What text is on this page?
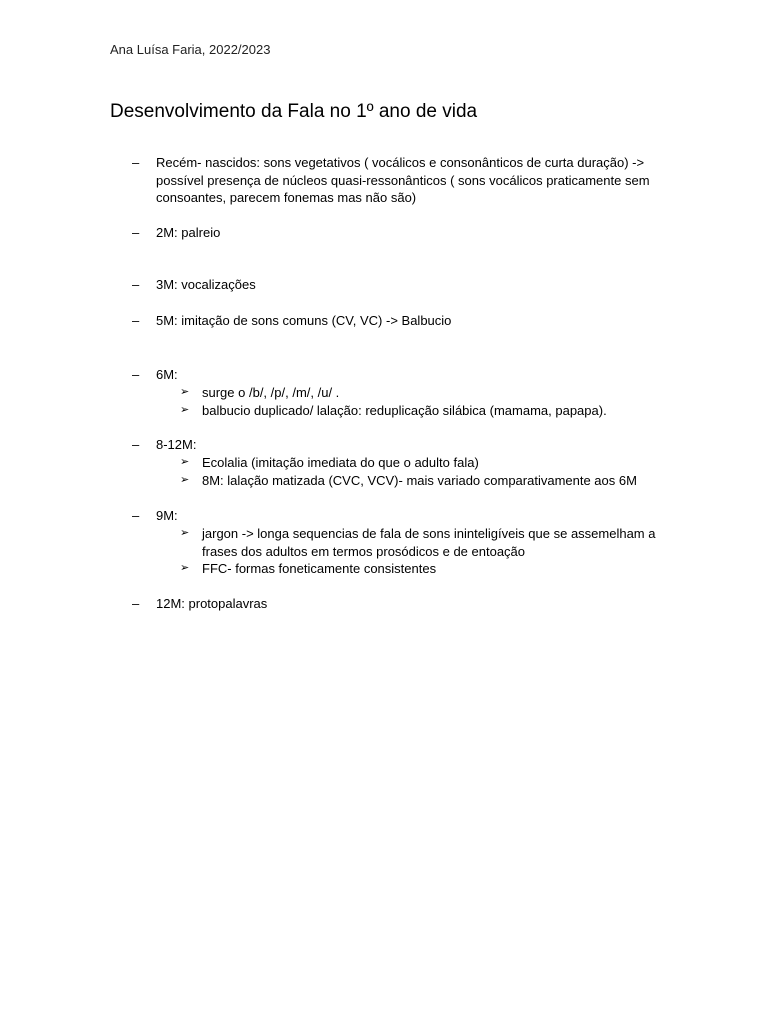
Ana Luísa Faria, 2022/2023
Desenvolvimento da Fala no 1º ano de vida
– Recém- nascidos: sons vegetativos ( vocálicos e consonânticos de curta duração) -> possível presença de núcleos quasi-ressonânticos ( sons vocálicos praticamente sem consoantes, parecem fonemas mas não são)
– 2M: palreio
– 3M: vocalizações
– 5M: imitação de sons comuns (CV, VC) -> Balbucio
– 6M:
➢ surge o /b/, /p/, /m/, /u/ .
➢ balbucio duplicado/ lalação: reduplicação silábica (mamama, papapa).
– 8-12M:
➢ Ecolalia (imitação imediata do que o adulto fala)
➢ 8M: lalação matizada (CVC, VCV)- mais variado comparativamente aos 6M
– 9M:
➢ jargon -> longa sequencias de fala de sons ininteligíveis que se assemelham a frases dos adultos em termos prosódicos e de entoação
➢ FFC- formas foneticamente consistentes
– 12M: protopalavras
